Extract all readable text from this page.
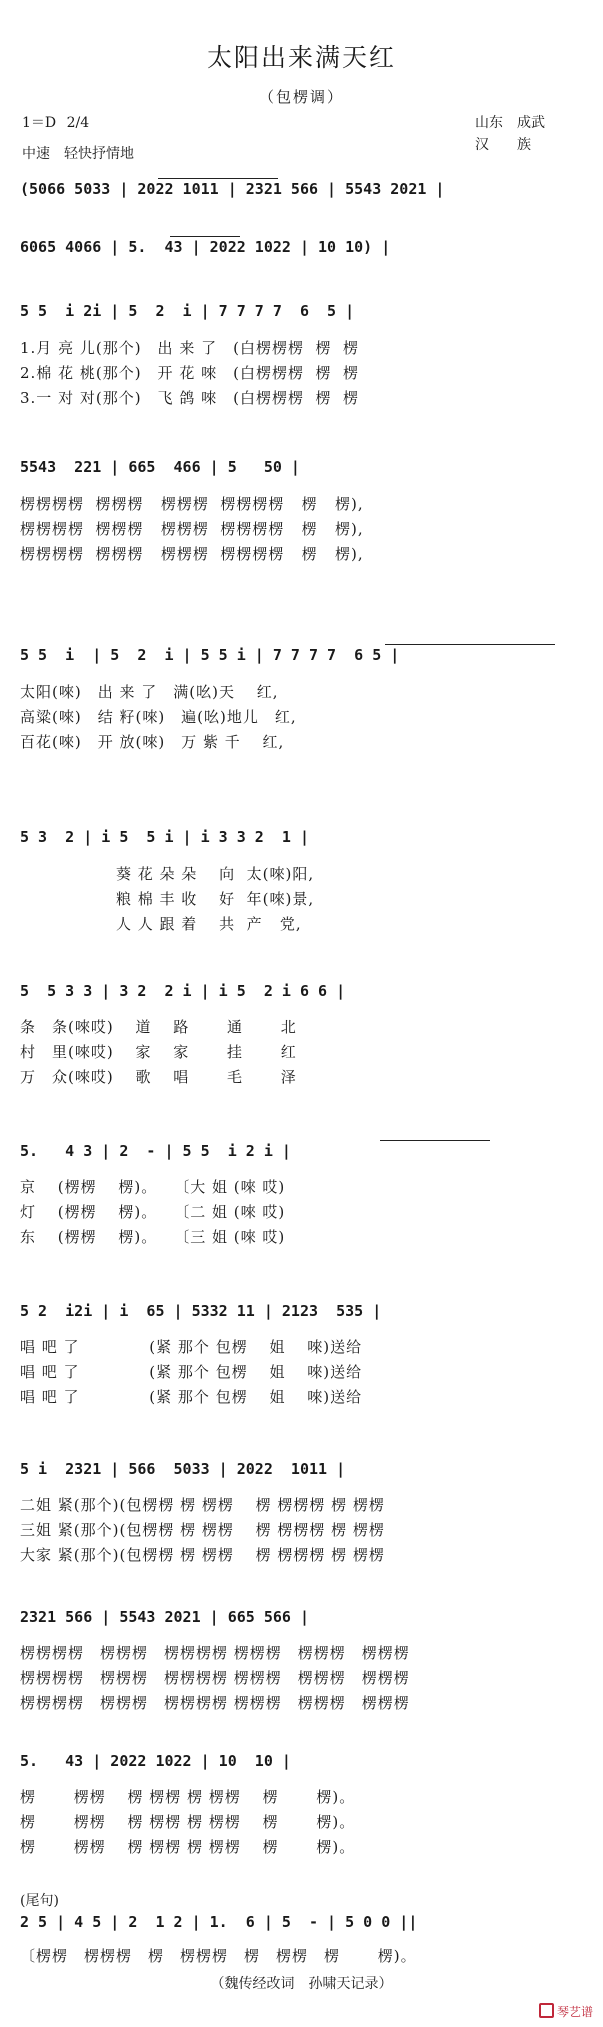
太阳出来满天红
（包楞调）
1＝D 2/4
中速　轻快抒情地
山东　成武
汉　　族
(5066 5033 | 2022 1011 | 2321 566 | 5543 2021 |
6065 4066 | 5.  43 | 2022 1022 | 10 10) |
5 5  i 2i | 5  2  i | 7 7 7 7  6  5 |
1.月 亮 儿(那个)　出 来 了　(白楞楞楞  楞  楞
2.棉 花 桃(那个)　开 花 唻　(白楞楞楞  楞  楞
3.一 对 对(那个)　飞 鸽 唻　(白楞楞楞  楞  楞
5543  221 | 665  466 | 5   50 |
楞楞楞楞  楞楞楞   楞楞楞  楞楞楞楞   楞   楞),
楞楞楞楞  楞楞楞   楞楞楞  楞楞楞楞   楞   楞),
楞楞楞楞  楞楞楞   楞楞楞  楞楞楞楞   楞   楞),
5 5  i  | 5  2  i | 5 5 i | 7 7 7 7  6 5 |
太阳(唻)　出 来 了　满(吆)天　 红,
高粱(唻)　结 籽(唻)　遍(吆)地儿　红,
百花(唻)　开 放(唻)　万 紫 千　 红,
5 3  2 | i 5  5 i | i 3 3 2  1 |
　　　　　　葵 花 朵 朵　 向  太(唻)阳,
　　　　　　粮 棉 丰 收　 好  年(唻)景,
　　　　　　人 人 跟 着　 共  产   党,
5  5 3 3 | 3 2  2 i | i 5  2 i 6 6 |
条　条(唻哎)　 道　 路　　 通　　 北
村　里(唻哎)　 家　 家　　 挂　　 红
万　众(唻哎)　 歌　 唱　　 毛　　 泽
5.   4 3 | 2  - | 5 5  i 2 i |
京　 (楞楞　 楞)。　　〔大 姐 (唻 哎)
灯　 (楞楞　 楞)。　　〔二 姐 (唻 哎)
东　 (楞楞　 楞)。　　〔三 姐 (唻 哎)
5 2  i2i | i  65 | 5332 11 | 2123  535 |
唱 吧 了　　　　 (紧 那个 包楞　 姐　 唻)送给
唱 吧 了　　　　 (紧 那个 包楞　 姐　 唻)送给
唱 吧 了　　　　 (紧 那个 包楞　 姐　 唻)送给
5 i  2321 | 566  5033 | 2022  1011 |
二姐 紧(那个)(包楞楞 楞 楞楞　 楞 楞楞楞 楞 楞楞
三姐 紧(那个)(包楞楞 楞 楞楞　 楞 楞楞楞 楞 楞楞
大家 紧(那个)(包楞楞 楞 楞楞　 楞 楞楞楞 楞 楞楞
2321 566 | 5543 2021 | 665 566 |
楞楞楞楞　楞楞楞　楞楞楞楞 楞楞楞　楞楞楞　楞楞楞
楞楞楞楞　楞楞楞　楞楞楞楞 楞楞楞　楞楞楞　楞楞楞
楞楞楞楞　楞楞楞　楞楞楞楞 楞楞楞　楞楞楞　楞楞楞
5.   43 | 2022 1022 | 10  10 |
楞　　 楞楞　 楞 楞楞 楞 楞楞　 楞　　 楞)。
楞　　 楞楞　 楞 楞楞 楞 楞楞　 楞　　 楞)。
楞　　 楞楞　 楞 楞楞 楞 楞楞　 楞　　 楞)。
(尾句)
2 5 | 4 5 | 2  1 2 | 1.  6 | 5  - | 5 0 0 ||
〔楞楞　楞楞楞　楞　楞楞楞　楞　楞楞　楞　　 楞)。
（魏传经改词　孙啸天记录）
琴艺谱
